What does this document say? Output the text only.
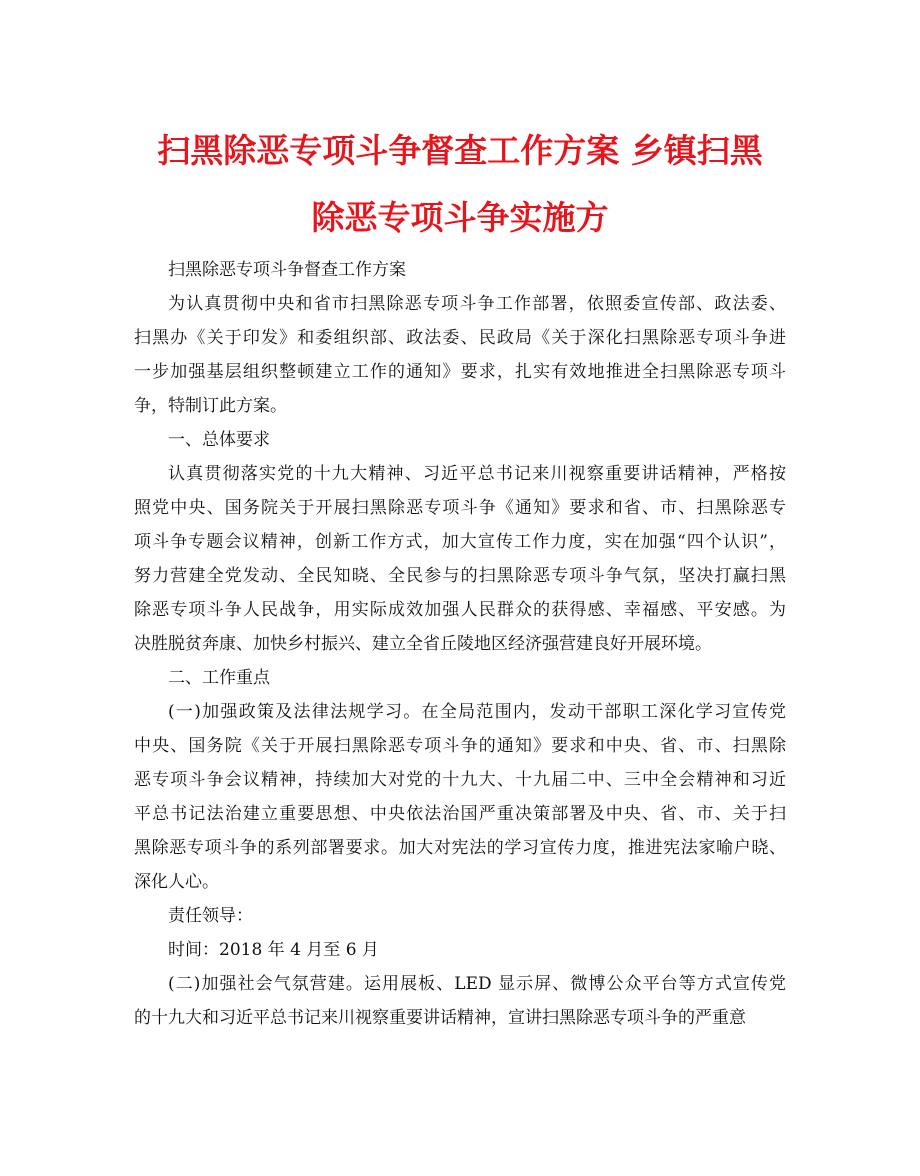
扫黑除恶专项斗争督查工作方案 乡镇扫黑
除恶专项斗争实施方
扫黑除恶专项斗争督查工作方案
为认真贯彻中央和省市扫黑除恶专项斗争工作部署，依照委宣传部、政法委、
扫黑办《关于印发》和委组织部、政法委、民政局《关于深化扫黑除恶专项斗争进
一步加强基层组织整顿建立工作的通知》要求，扎实有效地推进全扫黑除恶专项斗
争，特制订此方案。
一、总体要求
认真贯彻落实党的十九大精神、习近平总书记来川视察重要讲话精神，严格按
照党中央、国务院关于开展扫黑除恶专项斗争《通知》要求和省、市、扫黑除恶专
项斗争专题会议精神，创新工作方式，加大宣传工作力度，实在加强“四个认识”，
努力营建全党发动、全民知晓、全民参与的扫黑除恶专项斗争气氛，坚决打赢扫黑
除恶专项斗争人民战争，用实际成效加强人民群众的获得感、幸福感、平安感。为
决胜脱贫奔康、加快乡村振兴、建立全省丘陵地区经济强营建良好开展环境。
二、工作重点
(一)加强政策及法律法规学习。在全局范围内，发动干部职工深化学习宣传党
中央、国务院《关于开展扫黑除恶专项斗争的通知》要求和中央、省、市、扫黑除
恶专项斗争会议精神，持续加大对党的十九大、十九届二中、三中全会精神和习近
平总书记法治建立重要思想、中央依法治国严重决策部署及中央、省、市、关于扫
黑除恶专项斗争的系列部署要求。加大对宪法的学习宣传力度，推进宪法家喻户晓、
深化人心。
责任领导：
时间：2018 年 4 月至 6 月
(二)加强社会气氛营建。运用展板、LED 显示屏、微博公众平台等方式宣传党
的十九大和习近平总书记来川视察重要讲话精神，宣讲扫黑除恶专项斗争的严重意
